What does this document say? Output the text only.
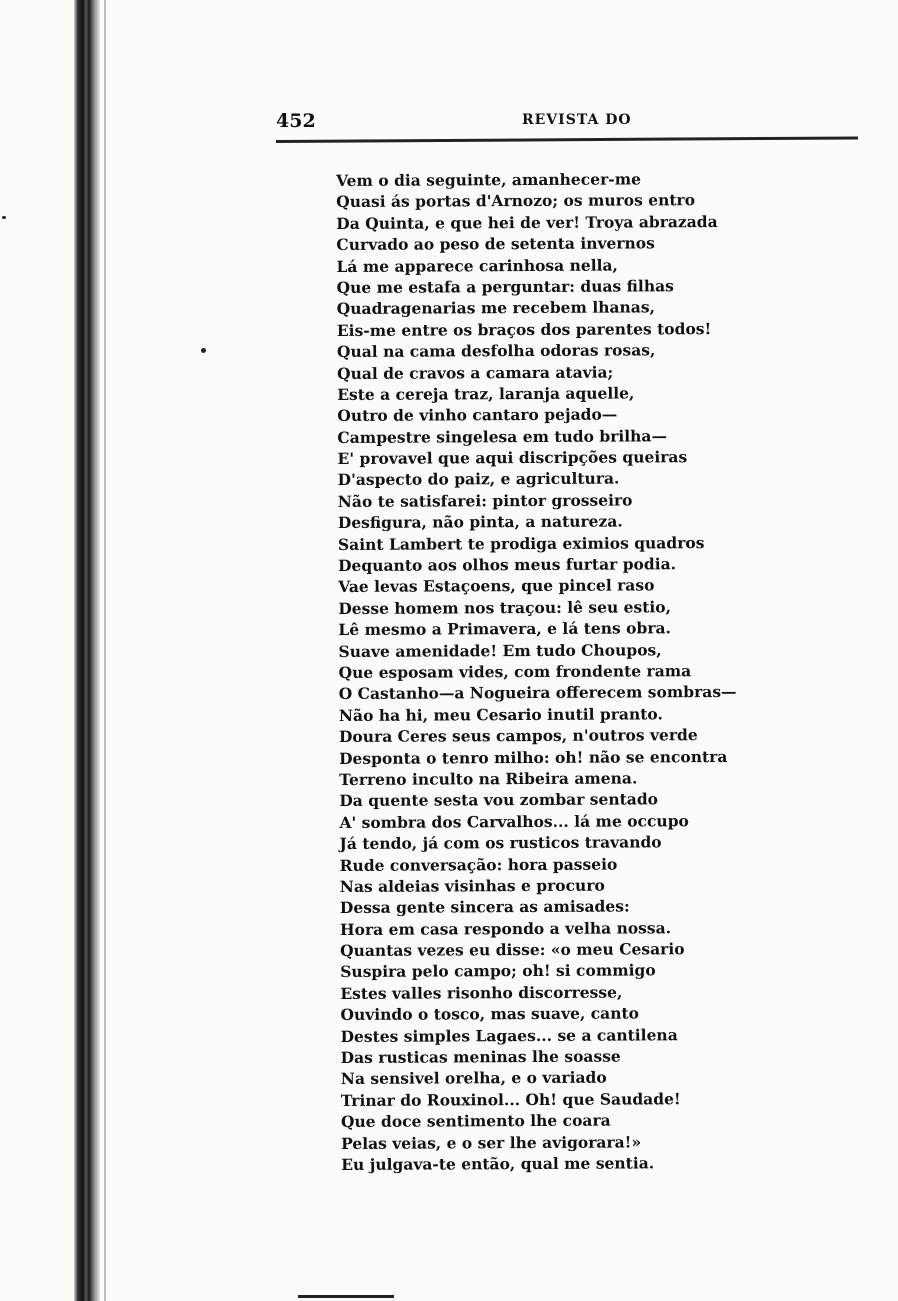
452	REVISTA DO
Vem o dia seguinte, amanhecer-me
Quasi ás portas d'Arnozo; os muros entro
Da Quinta, e que hei de ver! Troya abrazada
Curvado ao peso de setenta invernos
Lá me apparece carinhosa nella,
Que me estafa a perguntar: duas filhas
Quadragenarias me recebem lhanas,
Eis-me entre os braços dos parentes todos!
Qual na cama desfolha odoras rosas,
Qual de cravos a camara atavia;
Este a cereja traz, laranja aquelle,
Outro de vinho cantaro pejado—
Campestre singelesa em tudo brilha—
E' provavel que aqui discripções queiras
D'aspecto do paiz, e agricultura.
Não te satisfarei: pintor grosseiro
Desfigura, não pinta, a natureza.
Saint Lambert te prodiga eximios quadros
Dequanto aos olhos meus furtar podia.
Vae levas Estaçoens, que pincel raso
Desse homem nos traçou: lê seu estio,
Lê mesmo a Primavera, e lá tens obra.
Suave amenidade! Em tudo Choupos,
Que esposam vides, com frondente rama
O Castanho—a Nogueira offerecem sombras—
Não ha hi, meu Cesario inutil pranto.
Doura Ceres seus campos, n'outros verde
Desponta o tenro milho: oh! não se encontra
Terreno inculto na Ribeira amena.
Da quente sesta vou zombar sentado
A' sombra dos Carvalhos... lá me occupo
Já tendo, já com os rusticos travando
Rude conversação: hora passeio
Nas aldeias visinhas e procuro
Dessa gente sincera as amisades:
Hora em casa respondo a velha nossa.
Quantas vezes eu disse: «o meu Cesario
Suspira pelo campo; oh! si commigo
Estes valles risonho discorresse,
Ouvindo o tosco, mas suave, canto
Destes simples Lagaes... se a cantilena
Das rusticas meninas lhe soasse
Na sensivel orelha, e o variado
Trinar do Rouxinol... Oh! que Saudade!
Que doce sentimento lhe coara
Pelas veias, e o ser lhe avigorara!»
Eu julgava-te então, qual me sentia.
